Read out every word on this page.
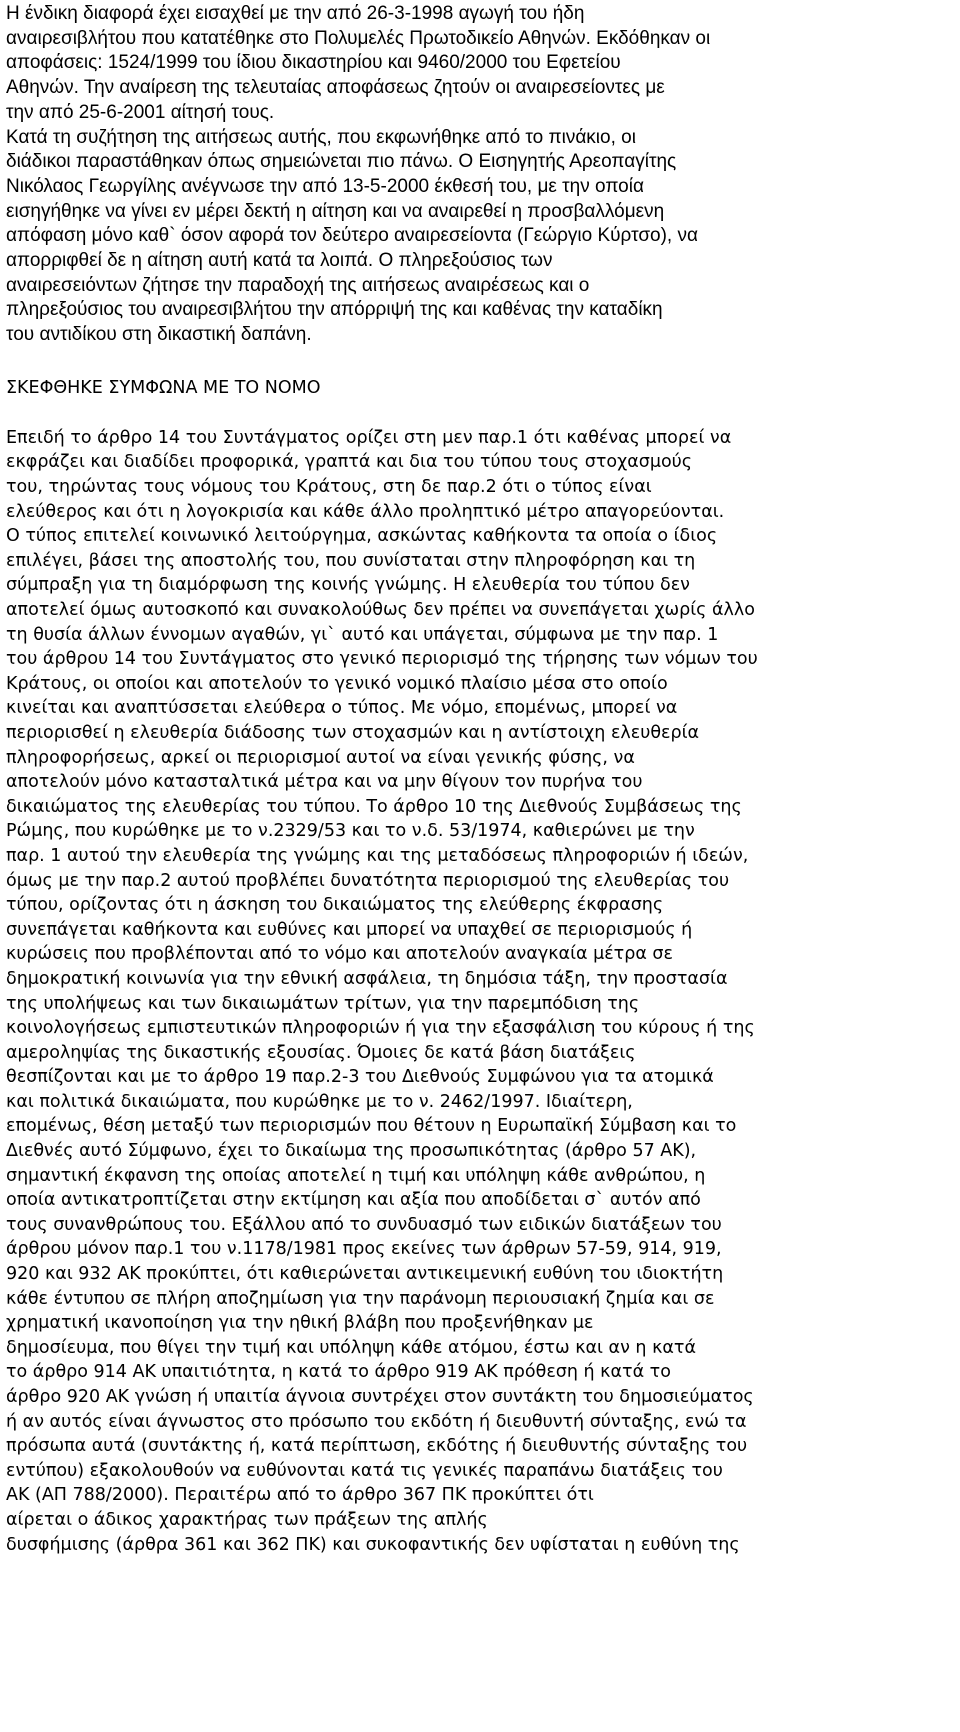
Η ένδικη διαφορά έχει εισαχθεί με την από 26-3-1998 αγωγή του ήδη
αναιρεσιβλήτου που κατατέθηκε στο Πολυμελές Πρωτοδικείο Αθηνών. Εκδόθηκαν οι
αποφάσεις: 1524/1999 του ίδιου δικαστηρίου και 9460/2000 του Εφετείου
Αθηνών. Την αναίρεση της τελευταίας αποφάσεως ζητούν οι αναιρεσείοντες με
την από 25-6-2001 αίτησή τους.
Κατά τη συζήτηση της αιτήσεως αυτής, που εκφωνήθηκε από το πινάκιο, οι
διάδικοι παραστάθηκαν όπως σημειώνεται πιο πάνω. Ο Εισηγητής Αρεοπαγίτης
Νικόλαος Γεωργίλης ανέγνωσε την από 13-5-2000 έκθεσή του, με την οποία
εισηγήθηκε να γίνει εν μέρει δεκτή η αίτηση και να αναιρεθεί η προσβαλλόμενη
απόφαση μόνο καθ` όσον αφορά τον δεύτερο αναιρεσείοντα (Γεώργιο Κύρτσο), να
απορριφθεί δε η αίτηση αυτή κατά τα λοιπά. Ο πληρεξούσιος των
αναιρεσειόντων ζήτησε την παραδοχή της αιτήσεως αναιρέσεως και ο
πληρεξούσιος του αναιρεσιβλήτου την απόρριψή της και καθένας την καταδίκη
του αντιδίκου στη δικαστική δαπάνη.
ΣΚΕΦΘΗΚΕ ΣΥΜΦΩΝΑ ΜΕ ΤΟ ΝΟΜΟ
Επειδή το άρθρο 14 του Συντάγματος ορίζει στη μεν παρ.1 ότι καθένας μπορεί να
εκφράζει και διαδίδει προφορικά, γραπτά και δια του τύπου τους στοχασμούς
του, τηρώντας τους νόμους του Κράτους, στη δε παρ.2 ότι ο τύπος είναι
ελεύθερος και ότι η λογοκρισία και κάθε άλλο προληπτικό μέτρο απαγορεύονται.
Ο τύπος επιτελεί κοινωνικό λειτούργημα, ασκώντας καθήκοντα τα οποία ο ίδιος
επιλέγει, βάσει της αποστολής του, που συνίσταται στην πληροφόρηση και τη
σύμπραξη για τη διαμόρφωση της κοινής γνώμης. Η ελευθερία του τύπου δεν
αποτελεί όμως αυτοσκοπό και συνακολούθως δεν πρέπει να συνεπάγεται χωρίς άλλο
τη θυσία άλλων έννομων αγαθών, γι` αυτό και υπάγεται, σύμφωνα με την παρ. 1
του άρθρου 14 του Συντάγματος στο γενικό περιορισμό της τήρησης των νόμων του
Κράτους, οι οποίοι και αποτελούν το γενικό νομικό πλαίσιο μέσα στο οποίο
κινείται και αναπτύσσεται ελεύθερα ο τύπος. Με νόμο, επομένως, μπορεί να
περιορισθεί η ελευθερία διάδοσης των στοχασμών και η αντίστοιχη ελευθερία
πληροφορήσεως, αρκεί οι περιορισμοί αυτοί να είναι γενικής φύσης, να
αποτελούν μόνο κατασταλτικά μέτρα και να μην θίγουν τον πυρήνα του
δικαιώματος της ελευθερίας του τύπου. Το άρθρο 10 της Διεθνούς Συμβάσεως της
Ρώμης, που κυρώθηκε με το ν.2329/53 και το ν.δ. 53/1974, καθιερώνει με την
παρ. 1 αυτού την ελευθερία της γνώμης και της μεταδόσεως πληροφοριών ή ιδεών,
όμως με την παρ.2 αυτού προβλέπει δυνατότητα περιορισμού της ελευθερίας του
τύπου, ορίζοντας ότι η άσκηση του δικαιώματος της ελεύθερης έκφρασης
συνεπάγεται καθήκοντα και ευθύνες και μπορεί να υπαχθεί σε περιορισμούς ή
κυρώσεις που προβλέπονται από το νόμο και αποτελούν αναγκαία μέτρα σε
δημοκρατική κοινωνία για την εθνική ασφάλεια, τη δημόσια τάξη, την προστασία
της υπολήψεως και των δικαιωμάτων τρίτων, για την παρεμπόδιση της
κοινολογήσεως εμπιστευτικών πληροφοριών ή για την εξασφάλιση του κύρους ή της
αμεροληψίας της δικαστικής εξουσίας. Όμοιες δε κατά βάση διατάξεις
θεσπίζονται και με το άρθρο 19 παρ.2-3 του Διεθνούς Συμφώνου για τα ατομικά
και πολιτικά δικαιώματα, που κυρώθηκε με το ν. 2462/1997. Ιδιαίτερη,
επομένως, θέση μεταξύ των περιορισμών που θέτουν η Ευρωπαϊκή Σύμβαση και το
Διεθνές αυτό Σύμφωνο, έχει το δικαίωμα της προσωπικότητας (άρθρο 57 ΑΚ),
σημαντική έκφανση της οποίας αποτελεί η τιμή και υπόληψη κάθε ανθρώπου, η
οποία αντικατροπτίζεται στην εκτίμηση και αξία που αποδίδεται σ` αυτόν από
τους συνανθρώπους του. Εξάλλου από το συνδυασμό των ειδικών διατάξεων του
άρθρου μόνον παρ.1 του ν.1178/1981 προς εκείνες των άρθρων 57-59, 914, 919,
920 και 932 ΑΚ προκύπτει, ότι καθιερώνεται αντικειμενική ευθύνη του ιδιοκτήτη
κάθε έντυπου σε πλήρη αποζημίωση για την παράνομη περιουσιακή ζημία και σε
χρηματική ικανοποίηση για την ηθική βλάβη που προξενήθηκαν με
δημοσίευμα, που θίγει την τιμή και υπόληψη κάθε ατόμου, έστω και αν η κατά
το άρθρο 914 ΑΚ υπαιτιότητα, η κατά το άρθρο 919 ΑΚ πρόθεση ή κατά το
άρθρο 920 ΑΚ γνώση ή υπαιτία άγνοια συντρέχει στον συντάκτη του δημοσιεύματος
ή αν αυτός είναι άγνωστος στο πρόσωπο του εκδότη ή διευθυντή σύνταξης, ενώ τα
πρόσωπα αυτά (συντάκτης ή, κατά περίπτωση, εκδότης ή διευθυντής σύνταξης του
εντύπου) εξακολουθούν να ευθύνονται κατά τις γενικές παραπάνω διατάξεις του
ΑΚ (ΑΠ 788/2000). Περαιτέρω από το άρθρο 367 ΠΚ προκύπτει ότι
αίρεται ο άδικος χαρακτήρας των πράξεων της απλής
δυσφήμισης (άρθρα 361 και 362 ΠΚ) και συκοφαντικής δεν υφίσταται η ευθύνη της
